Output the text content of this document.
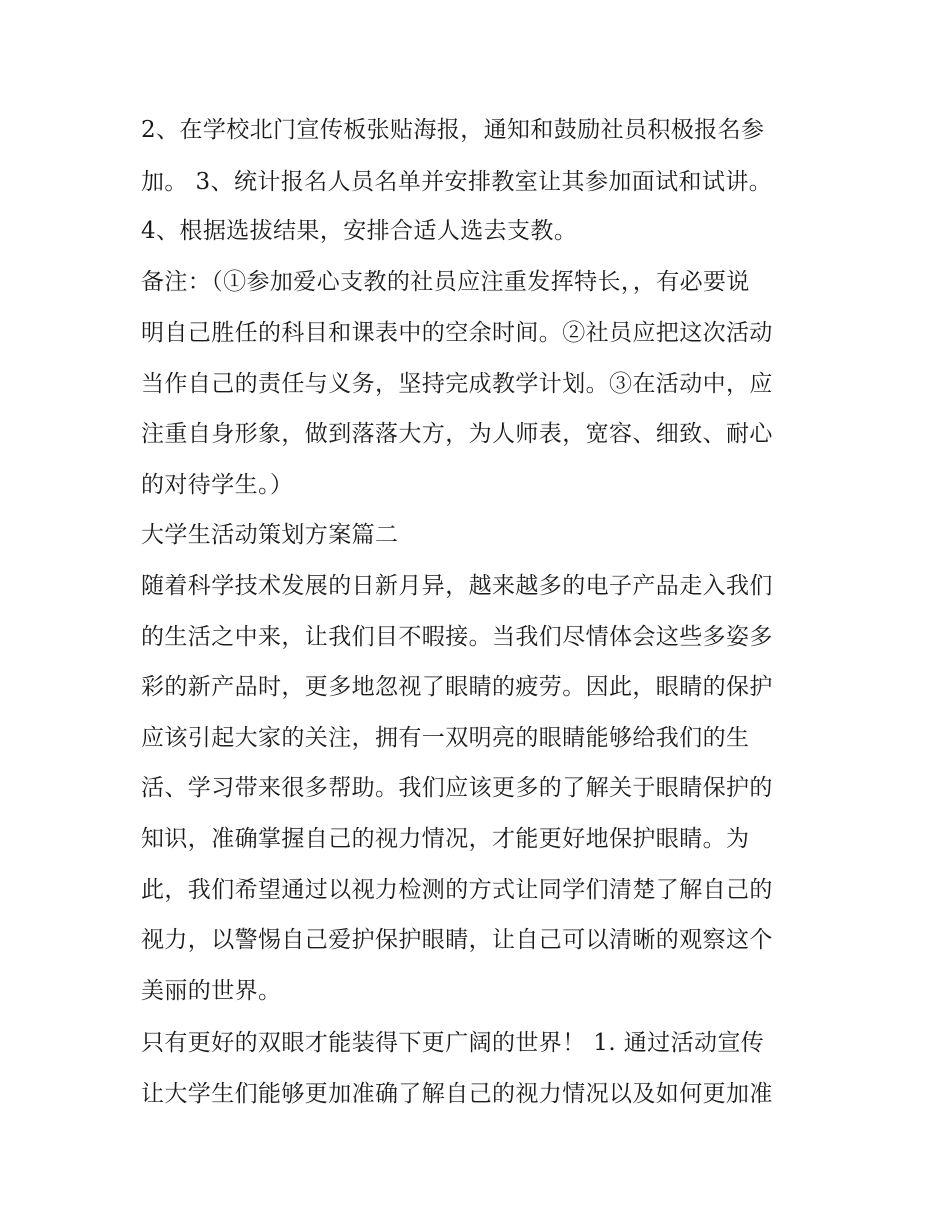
2、在学校北门宣传板张贴海报，通知和鼓励社员积极报名参
加。 3、统计报名人员名单并安排教室让其参加面试和试讲。
4、根据选拔结果，安排合适人选去支教。
备注：（①参加爱心支教的社员应注重发挥特长，，有必要说
明自己胜任的科目和课表中的空余时间。②社员应把这次活动
当作自己的责任与义务，坚持完成教学计划。③在活动中，应
注重自身形象，做到落落大方，为人师表，宽容、细致、耐心
的对待学生。）
大学生活动策划方案篇二
随着科学技术发展的日新月异，越来越多的电子产品走入我们
的生活之中来，让我们目不暇接。当我们尽情体会这些多姿多
彩的新产品时，更多地忽视了眼睛的疲劳。因此，眼睛的保护
应该引起大家的关注，拥有一双明亮的眼睛能够给我们的生
活、学习带来很多帮助。我们应该更多的了解关于眼睛保护的
知识，准确掌握自己的视力情况，才能更好地保护眼睛。为
此，我们希望通过以视力检测的方式让同学们清楚了解自己的
视力，以警惕自己爱护保护眼睛，让自己可以清晰的观察这个
美丽的世界。
只有更好的双眼才能装得下更广阔的世界！ 1. 通过活动宣传
让大学生们能够更加准确了解自己的视力情况以及如何更加准
